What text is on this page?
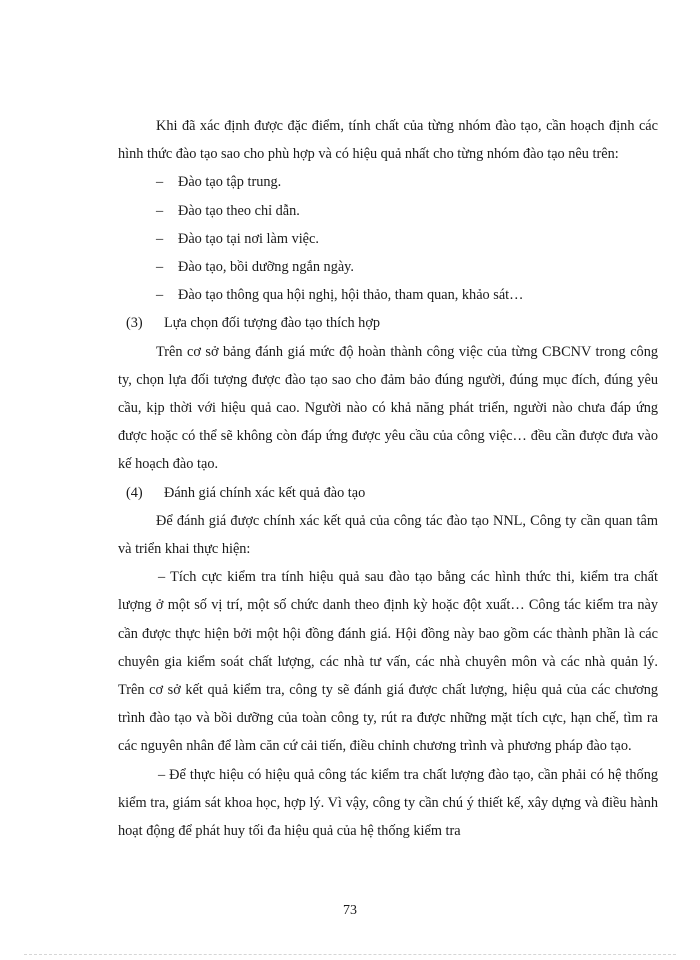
Khi đã xác định được đặc điểm, tính chất của từng nhóm đào tạo, cần hoạch định các hình thức đào tạo sao cho phù hợp và có hiệu quả nhất cho từng nhóm đào tạo nêu trên:

–	Đào tạo tập trung.
–	Đào tạo theo chỉ dẫn.
–	Đào tạo tại nơi làm việc.
–	Đào tạo, bồi dưỡng ngắn ngày.
–	Đào tạo thông qua hội nghị, hội thảo, tham quan, khảo sát…
(3)	Lựa chọn đối tượng đào tạo thích hợp

Trên cơ sở bảng đánh giá mức độ hoàn thành công việc của từng CBCNV trong công ty, chọn lựa đối tượng được đào tạo sao cho đảm bảo đúng người, đúng mục đích, đúng yêu cầu, kịp thời với hiệu quả cao. Người nào có khả năng phát triển, người nào chưa đáp ứng được hoặc có thể sẽ không còn đáp ứng được yêu cầu của công việc… đều cần được đưa vào kế hoạch đào tạo.

(4)	Đánh giá chính xác kết quả đào tạo

Để đánh giá được chính xác kết quả của công tác đào tạo NNL, Công ty cần quan tâm và triển khai thực hiện:

– Tích cực kiểm tra tính hiệu quả sau đào tạo bằng các hình thức thi, kiểm tra chất lượng ở một số vị trí, một số chức danh theo định kỳ hoặc đột xuất… Công tác kiểm tra này cần được thực hiện bởi một hội đồng đánh giá. Hội đồng này bao gồm các thành phần là các chuyên gia kiểm soát chất lượng, các nhà tư vấn, các nhà chuyên môn và các nhà quản lý. Trên cơ sở kết quả kiểm tra, công ty sẽ đánh giá được chất lượng, hiệu quả của các chương trình đào tạo và bồi dưỡng của toàn công ty, rút ra được những mặt tích cực, hạn chế, tìm ra các nguyên nhân để làm căn cứ cải tiến, điều chỉnh chương trình và phương pháp đào tạo.

– Để thực hiệu có hiệu quả công tác kiểm tra chất lượng đào tạo, cần phải có hệ thống kiểm tra, giám sát khoa học, hợp lý. Vì vậy, công ty cần chú ý thiết kế, xây dựng và điều hành hoạt động để phát huy tối đa hiệu quả của hệ thống kiểm tra

73
